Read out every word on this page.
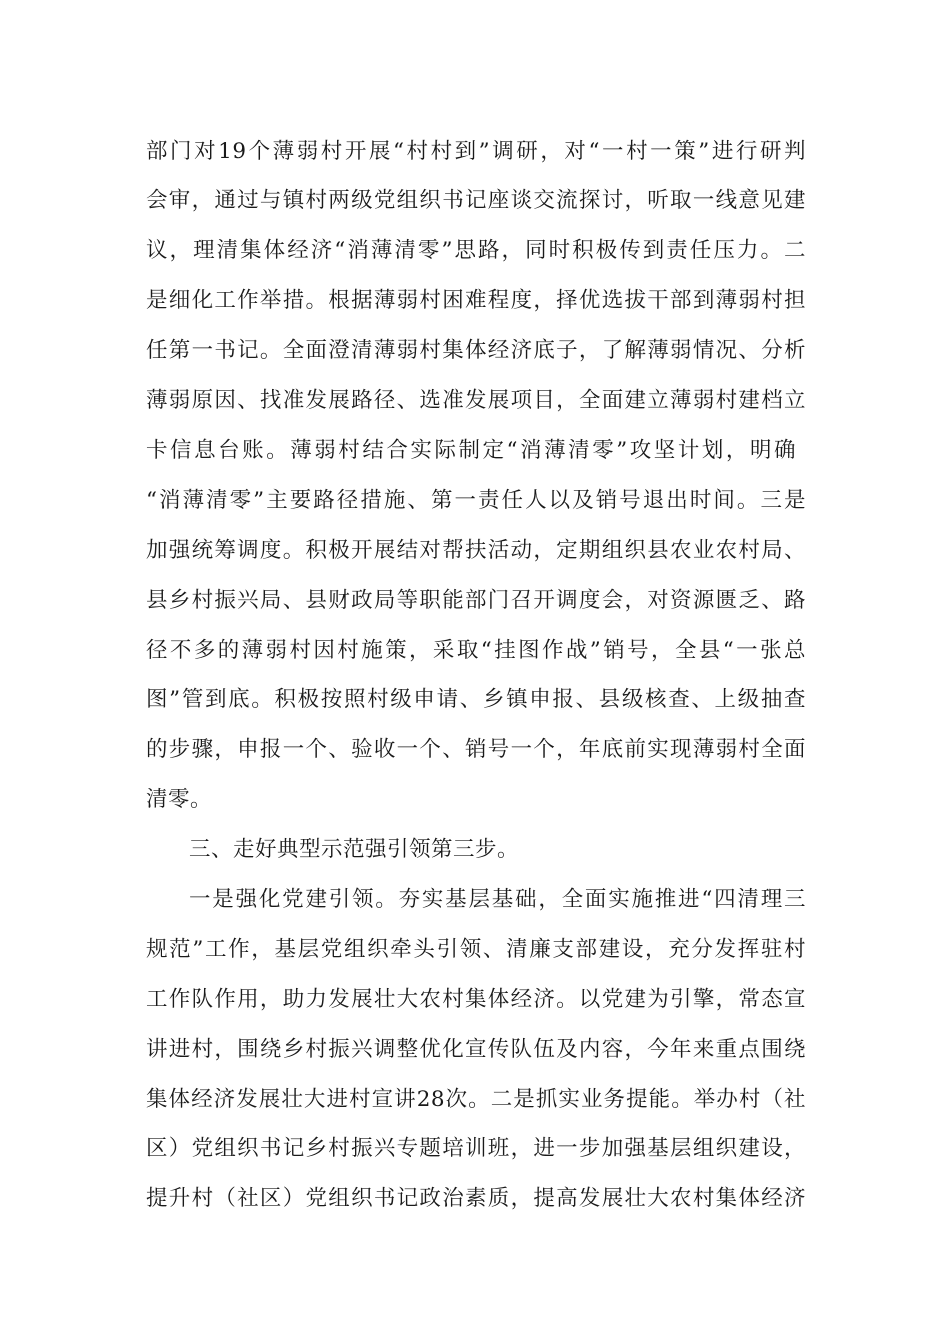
部门对19个薄弱村开展“村村到”调研，对“一村一策”进行研判
会审，通过与镇村两级党组织书记座谈交流探讨，听取一线意见建
议，理清集体经济“消薄清零”思路，同时积极传到责任压力。二
是细化工作举措。根据薄弱村困难程度，择优选拔干部到薄弱村担
任第一书记。全面澄清薄弱村集体经济底子，了解薄弱情况、分析
薄弱原因、找准发展路径、选准发展项目，全面建立薄弱村建档立
卡信息台账。薄弱村结合实际制定“消薄清零”攻坚计划，明确
“消薄清零”主要路径措施、第一责任人以及销号退出时间。三是
加强统筹调度。积极开展结对帮扶活动，定期组织县农业农村局、
县乡村振兴局、县财政局等职能部门召开调度会，对资源匮乏、路
径不多的薄弱村因村施策，采取“挂图作战”销号，全县“一张总
图”管到底。积极按照村级申请、乡镇申报、县级核查、上级抽查
的步骤，申报一个、验收一个、销号一个，年底前实现薄弱村全面
清零。
三、走好典型示范强引领第三步。
一是强化党建引领。夯实基层基础，全面实施推进“四清理三
规范”工作，基层党组织牵头引领、清廉支部建设，充分发挥驻村
工作队作用，助力发展壮大农村集体经济。以党建为引擎，常态宣
讲进村，围绕乡村振兴调整优化宣传队伍及内容，今年来重点围绕
集体经济发展壮大进村宣讲28次。二是抓实业务提能。举办村（社
区）党组织书记乡村振兴专题培训班，进一步加强基层组织建设，
提升村（社区）党组织书记政治素质，提高发展壮大农村集体经济
